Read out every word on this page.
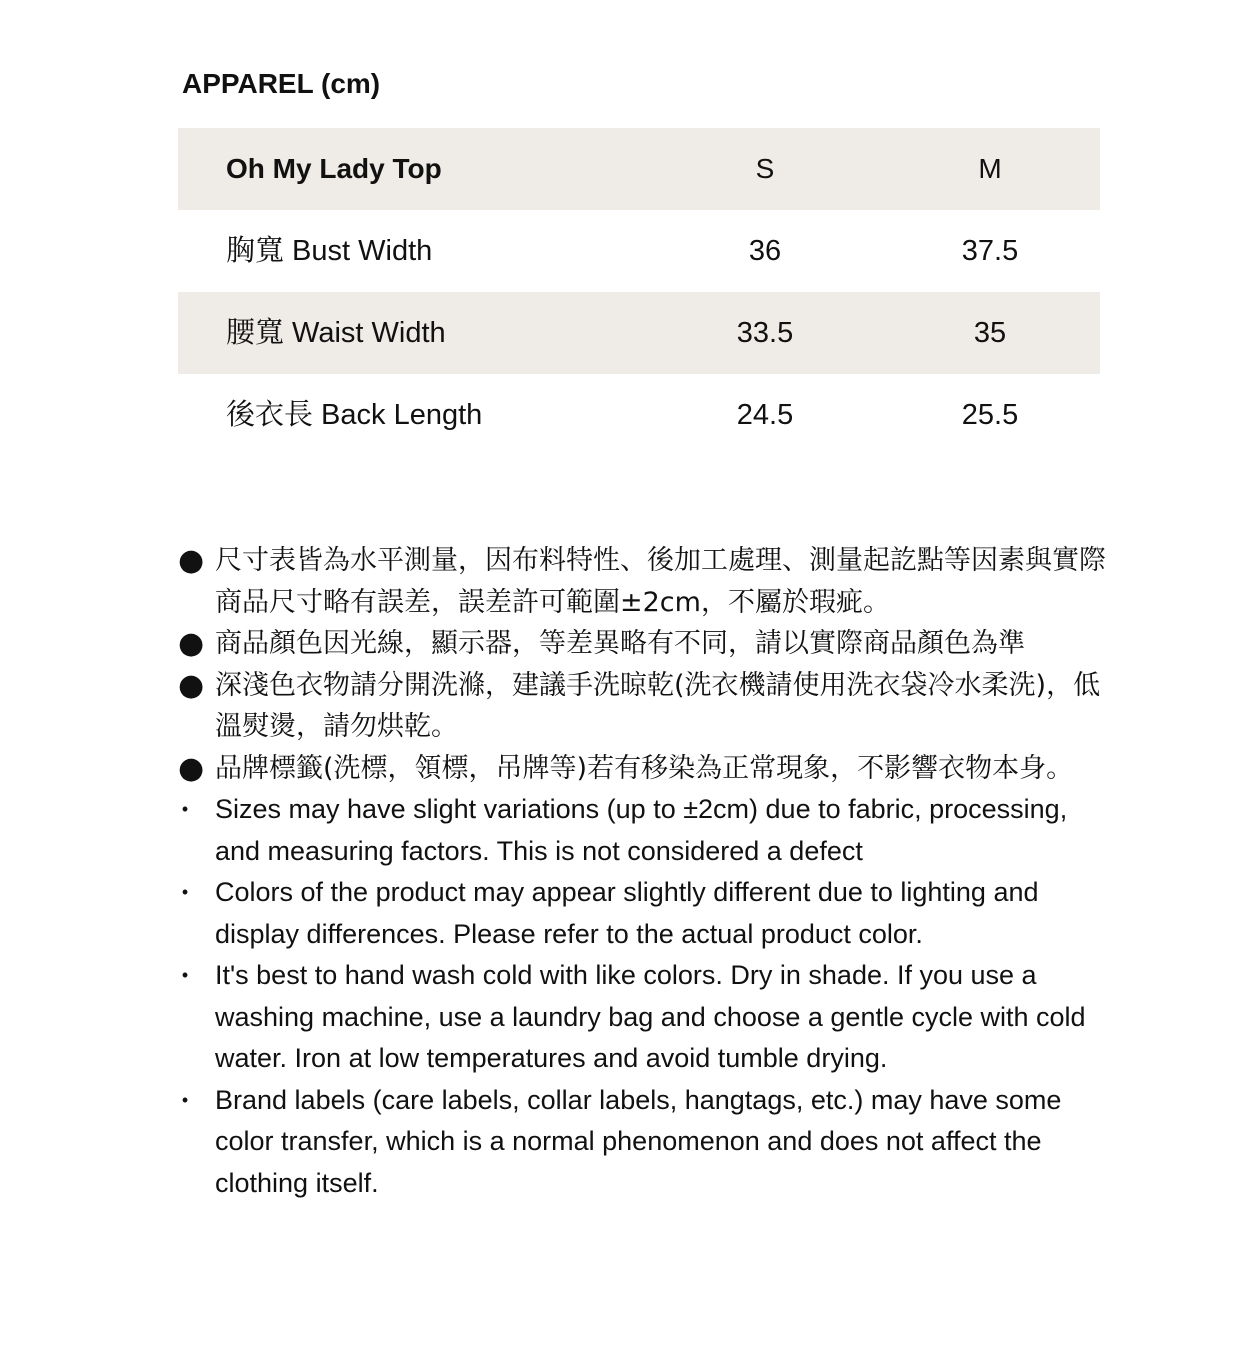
APPAREL (cm)
Oh My Lady Top	S	M
胸寬 Bust Width	36	37.5
腰寬 Waist Width	33.5	35
後衣長 Back Length	24.5	25.5
● 尺寸表皆為水平測量，因布料特性、後加工處理、測量起訖點等因素與實際商品尺寸略有誤差，誤差許可範圍±2cm，不屬於瑕疵。
● 商品顏色因光線，顯示器，等差異略有不同，請以實際商品顏色為準
● 深淺色衣物請分開洗滌，建議手洗晾乾(洗衣機請使用洗衣袋冷水柔洗)，低溫熨燙，請勿烘乾。
● 品牌標籤(洗標，領標，吊牌等)若有移染為正常現象，不影響衣物本身。
• Sizes may have slight variations (up to ±2cm) due to fabric, processing, and measuring factors. This is not considered a defect
• Colors of the product may appear slightly different due to lighting and display differences. Please refer to the actual product color.
• It's best to hand wash cold with like colors. Dry in shade. If you use a washing machine, use a laundry bag and choose a gentle cycle with cold water. Iron at low temperatures and avoid tumble drying.
• Brand labels (care labels, collar labels, hangtags, etc.) may have some color transfer, which is a normal phenomenon and does not affect the clothing itself.
